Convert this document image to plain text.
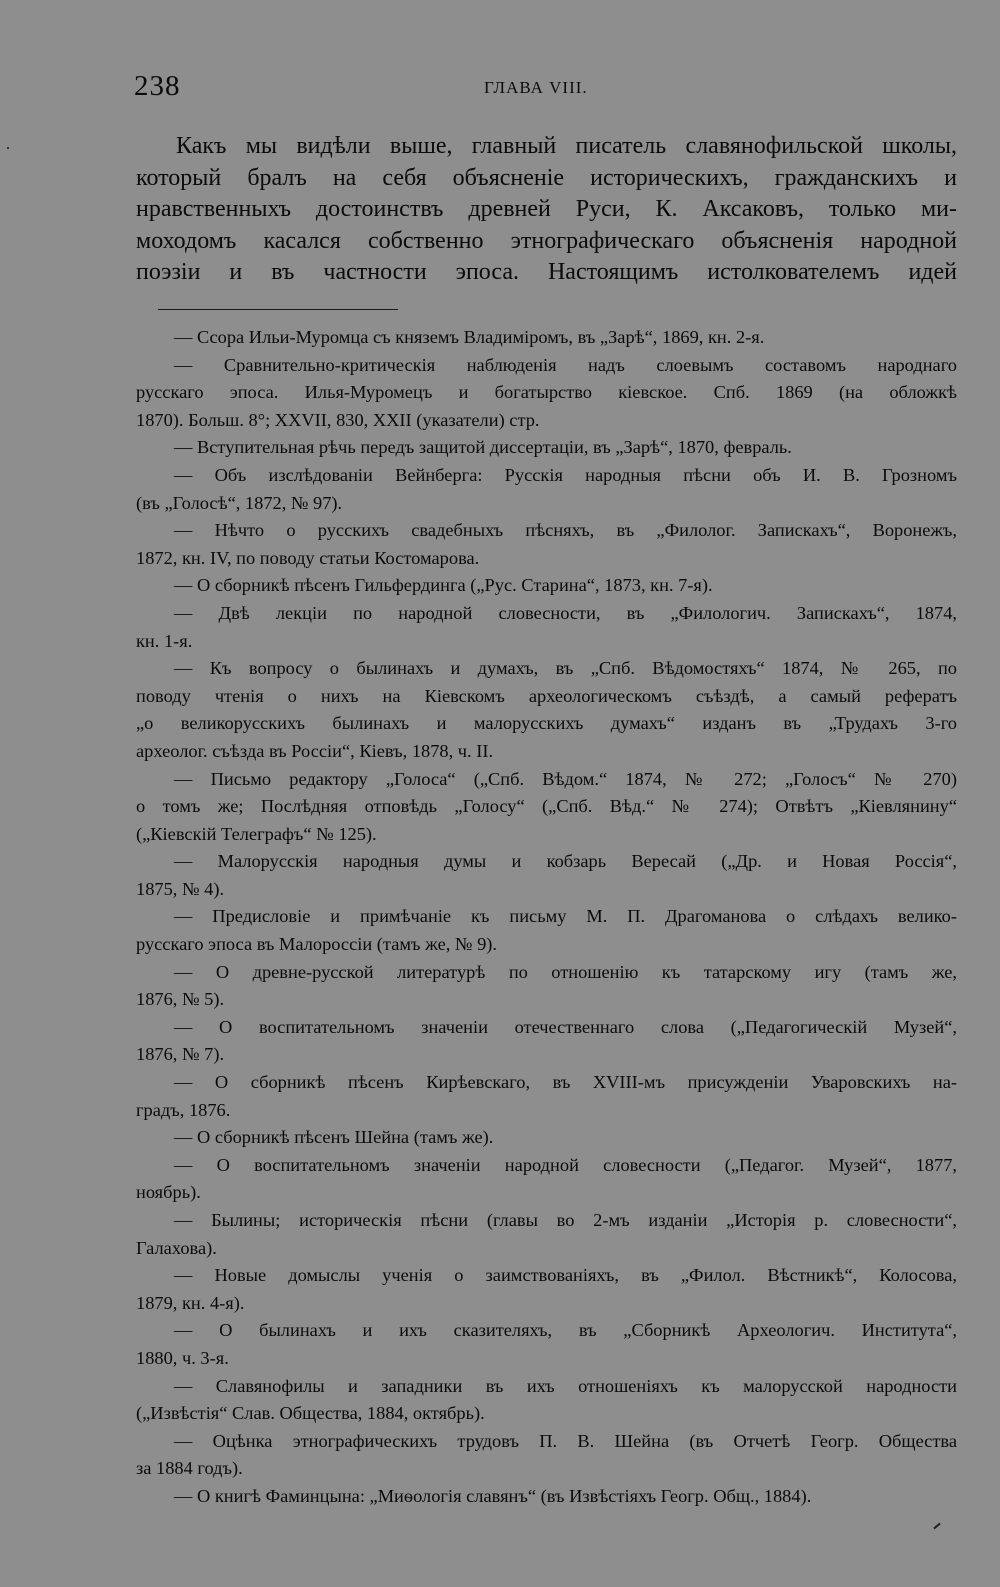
238	ГЛАВА VIII.
Какъ мы видѣли выше, главный писатель славянофильской школы,
который бралъ на себя объясненіе историческихъ, гражданскихъ и
нравственныхъ достоинствъ древней Руси, К. Аксаковъ, только ми-
моходомъ касался собственно этнографическаго объясненія народной
поэзіи и въ частности эпоса. Настоящимъ истолкователемъ идей
— Ссора Ильи-Муромца съ княземъ Владиміромъ, въ „Зарѣ“, 1869, кн. 2-я.
— Сравнительно-критическія наблюденія надъ слоевымъ составомъ народнаго
русскаго эпоса. Илья-Муромецъ и богатырство кіевское. Спб. 1869 (на обложкѣ
1870). Больш. 8°; XXVII, 830, XXII (указатели) стр.
— Вступительная рѣчь передъ защитой диссертаціи, въ „Зарѣ“, 1870, февраль.
— Объ изслѣдованіи Вейнберга: Русскія народныя пѣсни объ И. В. Грозномъ
(въ „Голосѣ“, 1872, № 97).
— Нѣчто о русскихъ свадебныхъ пѣсняхъ, въ „Филолог. Запискахъ“, Воронежъ,
1872, кн. IV, по поводу статьи Костомарова.
— О сборникѣ пѣсенъ Гильфердинга („Рус. Старина“, 1873, кн. 7-я).
— Двѣ лекціи по народной словесности, въ „Филологич. Запискахъ“, 1874,
кн. 1-я.
— Къ вопросу о былинахъ и думахъ, въ „Спб. Вѣдомостяхъ“ 1874, № 265, по
поводу чтенія о нихъ на Кіевскомъ археологическомъ съѣздѣ, а самый рефератъ
„о великорусскихъ былинахъ и малорусскихъ думахъ“ изданъ въ „Трудахъ 3-го
археолог. съѣзда въ Россіи“, Кіевъ, 1878, ч. II.
— Письмо редактору „Голоса“ („Спб. Вѣдом.“ 1874, № 272; „Голосъ“ № 270)
о томъ же; Послѣдняя отповѣдь „Голосу“ („Спб. Вѣд.“ № 274); Отвѣтъ „Кіевлянину“
(„Кіевскій Телеграфъ“ № 125).
— Малорусскія народныя думы и кобзарь Вересай („Др. и Новая Россія“,
1875, № 4).
— Предисловіе и примѣчаніе къ письму М. П. Драгоманова о слѣдахъ велико-
русскаго эпоса въ Малороссіи (тамъ же, № 9).
— О древне-русской литературѣ по отношенію къ татарскому игу (тамъ же,
1876, № 5).
— О воспитательномъ значеніи отечественнаго слова („Педагогическій Музей“,
1876, № 7).
— О сборникѣ пѣсенъ Кирѣевскаго, въ XVIII-мъ присужденіи Уваровскихъ на-
градъ, 1876.
— О сборникѣ пѣсенъ Шейна (тамъ же).
— О воспитательномъ значеніи народной словесности („Педагог. Музей“, 1877,
ноябрь).
— Былины; историческія пѣсни (главы во 2-мъ изданіи „Исторія р. словесности“,
Галахова).
— Новые домыслы ученія о заимствованіяхъ, въ „Филол. Вѣстникѣ“, Колосова,
1879, кн. 4-я).
— О былинахъ и ихъ сказителяхъ, въ „Сборникѣ Археологич. Института“,
1880, ч. 3-я.
— Славянофилы и западники въ ихъ отношеніяхъ къ малорусской народности
(„Извѣстія“ Слав. Общества, 1884, октябрь).
— Оцѣнка этнографическихъ трудовъ П. В. Шейна (въ Отчетѣ Геогр. Общества
за 1884 годъ).
— О книгѣ Фаминцына: „Миѳологія славянъ“ (въ Извѣстіяхъ Геогр. Общ., 1884).
